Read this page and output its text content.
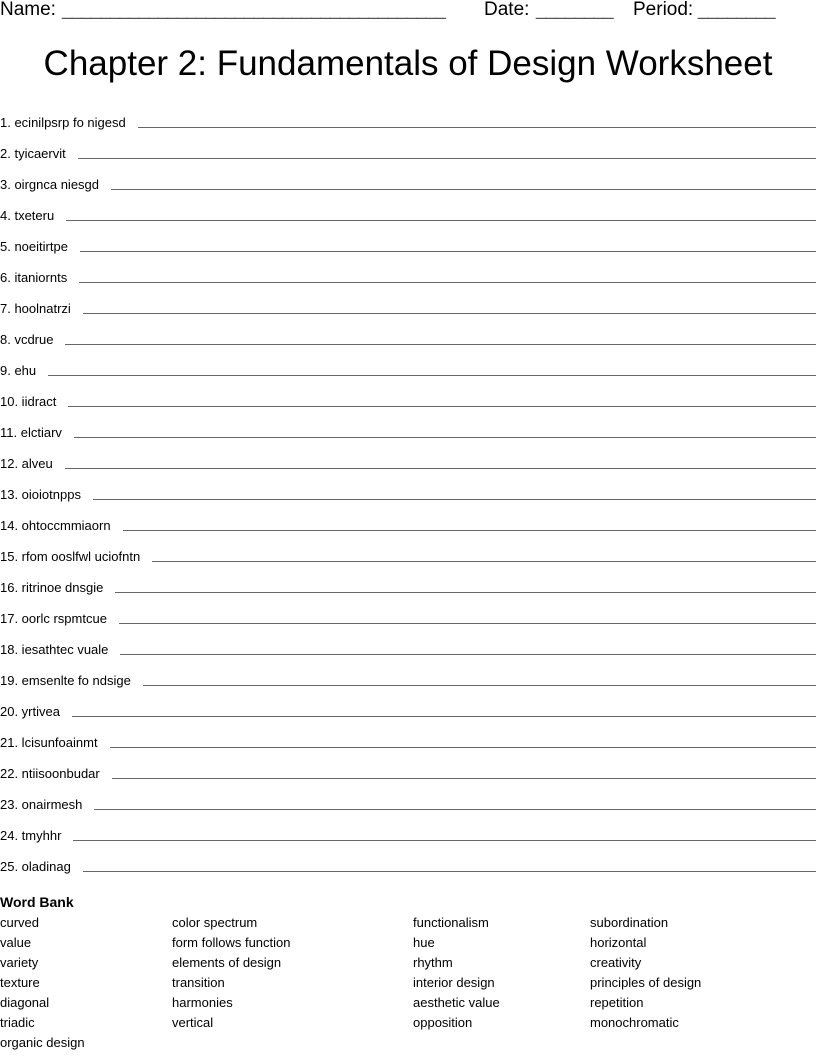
Name: ________________________________________ Date: ________ Period: ________
Chapter 2: Fundamentals of Design Worksheet
1. ecinilpsrp fo nigesd
2. tyicaervit
3. oirgnca niesgd
4. txeteru
5. noeitirtpe
6. itaniornts
7. hoolnatrzi
8. vcdrue
9. ehu
10. iidract
11. elctiarv
12. alveu
13. oioiotnpps
14. ohtoccmmiaorn
15. rfom ooslfwl uciofntn
16. ritrinoe dnsgie
17. oorlc rspmtcue
18. iesathtec vuale
19. emsenlte fo ndsige
20. yrtivea
21. lcisunfoainmt
22. ntiisoonbudar
23. onairmesh
24. tmyhhr
25. oladinag
Word Bank
curved
value
variety
texture
diagonal
triadic
organic design
color spectrum
form follows function
elements of design
transition
harmonies
vertical
functionalism
hue
rhythm
interior design
aesthetic value
opposition
subordination
horizontal
creativity
principles of design
repetition
monochromatic
